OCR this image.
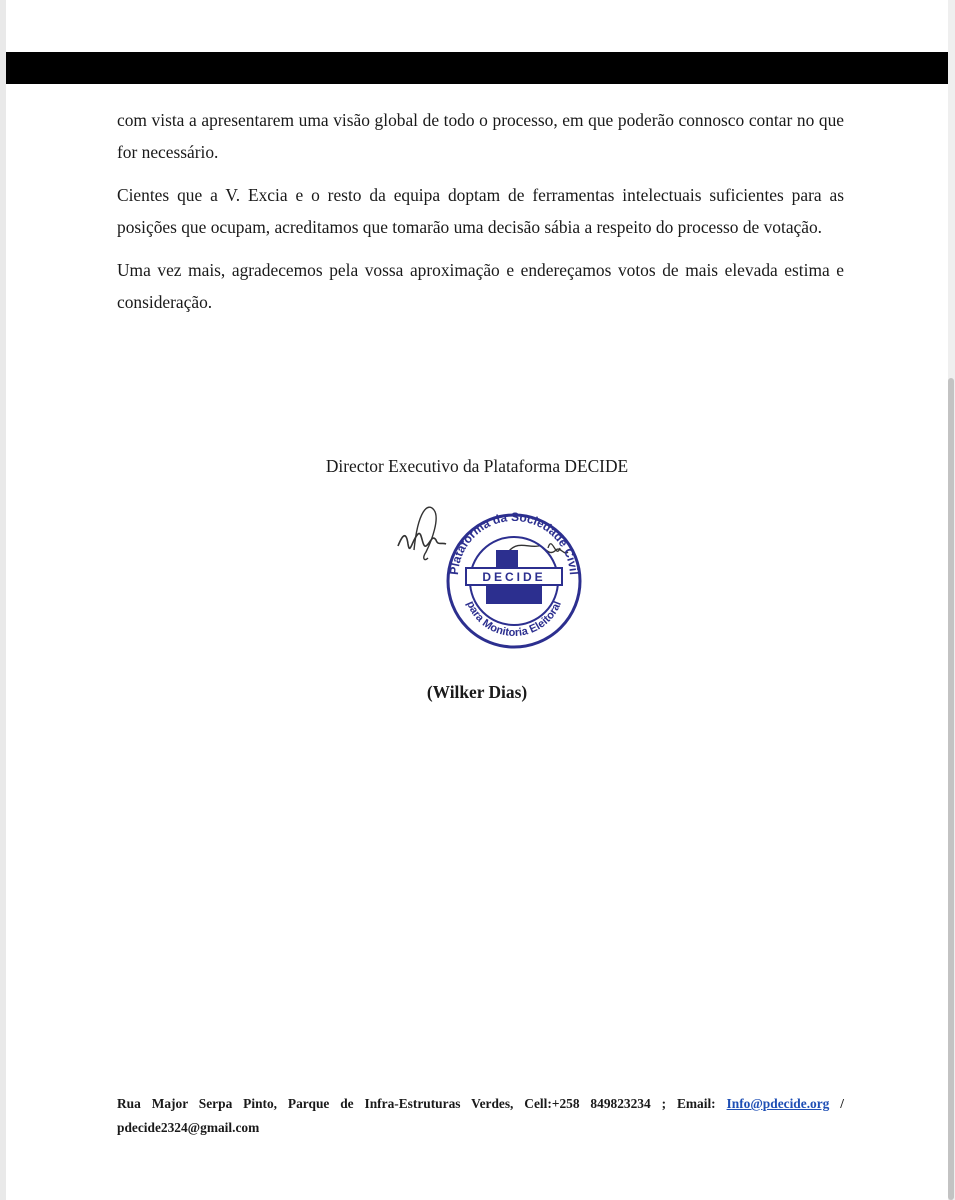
com vista a apresentarem uma visão global de todo o processo, em que poderão connosco contar no que for necessário.

Cientes que a V. Excia e o resto da equipa doptam de ferramentas intelectuais suficientes para as posições que ocupam, acreditamos que tomarão uma decisão sábia a respeito do processo de votação.

Uma vez mais, agradecemos pela vossa aproximação e endereçamos votos de mais elevada estima e consideração.

Director Executivo da Plataforma DECIDE
Plataforma da Sociedade Civil
para Monitoria Eleitoral
DECIDE
Rua Major Serpa Pinto, Parque de Infra-Estruturas Verdes, Cell:+258 849823234 ; Email: Info@pdecide.org /
pdecide2324@gmail.com
(Wilker Dias)
